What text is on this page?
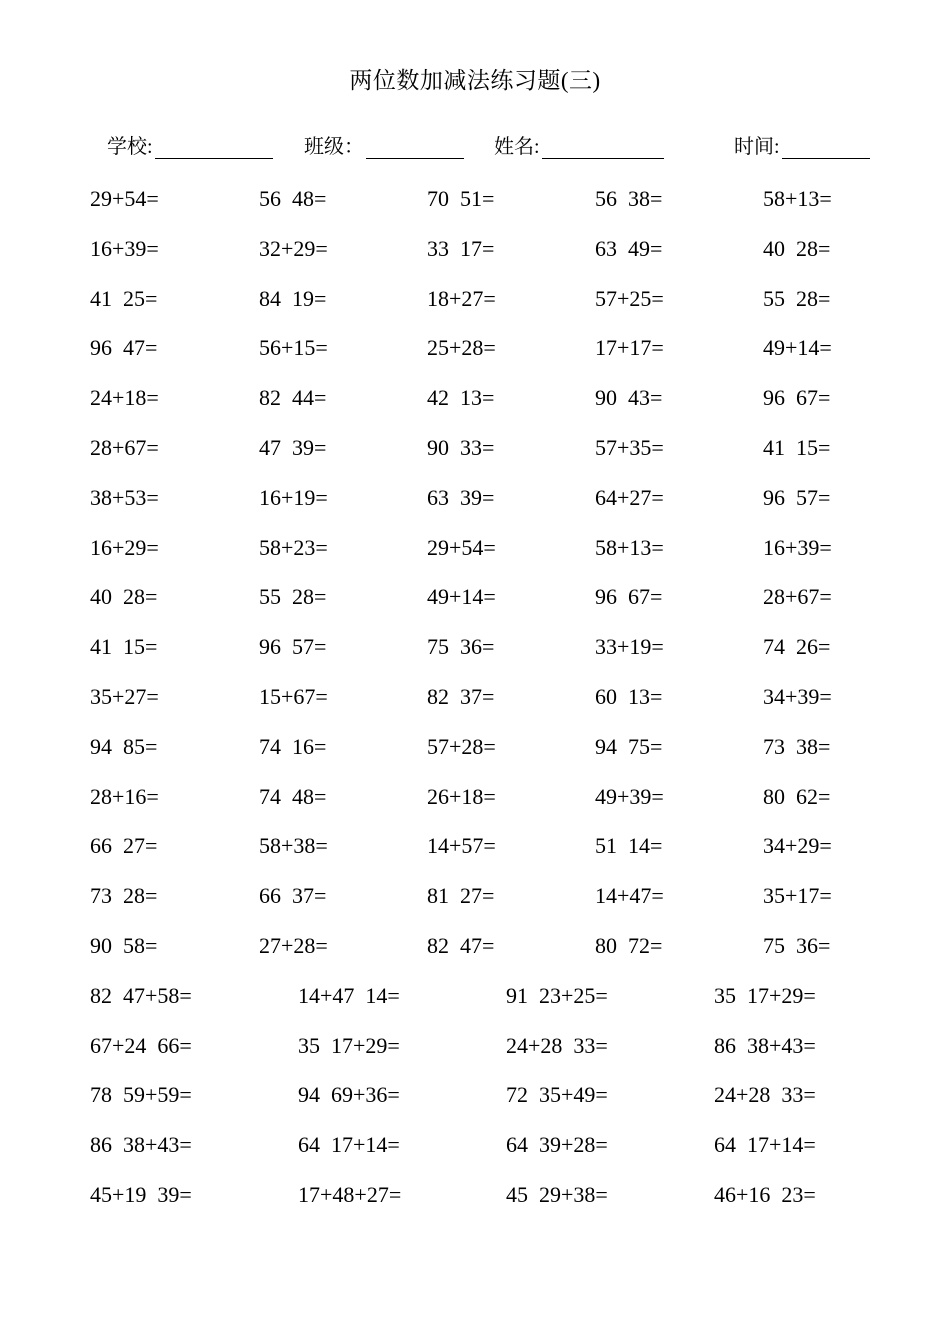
两位数加减法练习题(三)
学校:	班级：	姓名:	时间:
29+54=	56  48=	70  51=	56  38=	58+13=
16+39=	32+29=	33  17=	63  49=	40  28=
41  25=	84  19=	18+27=	57+25=	55  28=
96  47=	56+15=	25+28=	17+17=	49+14=
24+18=	82  44=	42  13=	90  43=	96  67=
28+67=	47  39=	90  33=	57+35=	41  15=
38+53=	16+19=	63  39=	64+27=	96  57=
16+29=	58+23=	29+54=	58+13=	16+39=
40  28=	55  28=	49+14=	96  67=	28+67=
41  15=	96  57=	75  36=	33+19=	74  26=
35+27=	15+67=	82  37=	60  13=	34+39=
94  85=	74  16=	57+28=	94  75=	73  38=
28+16=	74  48=	26+18=	49+39=	80  62=
66  27=	58+38=	14+57=	51  14=	34+29=
73  28=	66  37=	81  27=	14+47=	35+17=
90  58=	27+28=	82  47=	80  72=	75  36=
82  47+58=	14+47  14=	91  23+25=	35  17+29=
67+24  66=	35  17+29=	24+28  33=	86  38+43=
78  59+59=	94  69+36=	72  35+49=	24+28  33=
86  38+43=	64  17+14=	64  39+28=	64  17+14=
45+19  39=	17+48+27=	45  29+38=	46+16  23=
